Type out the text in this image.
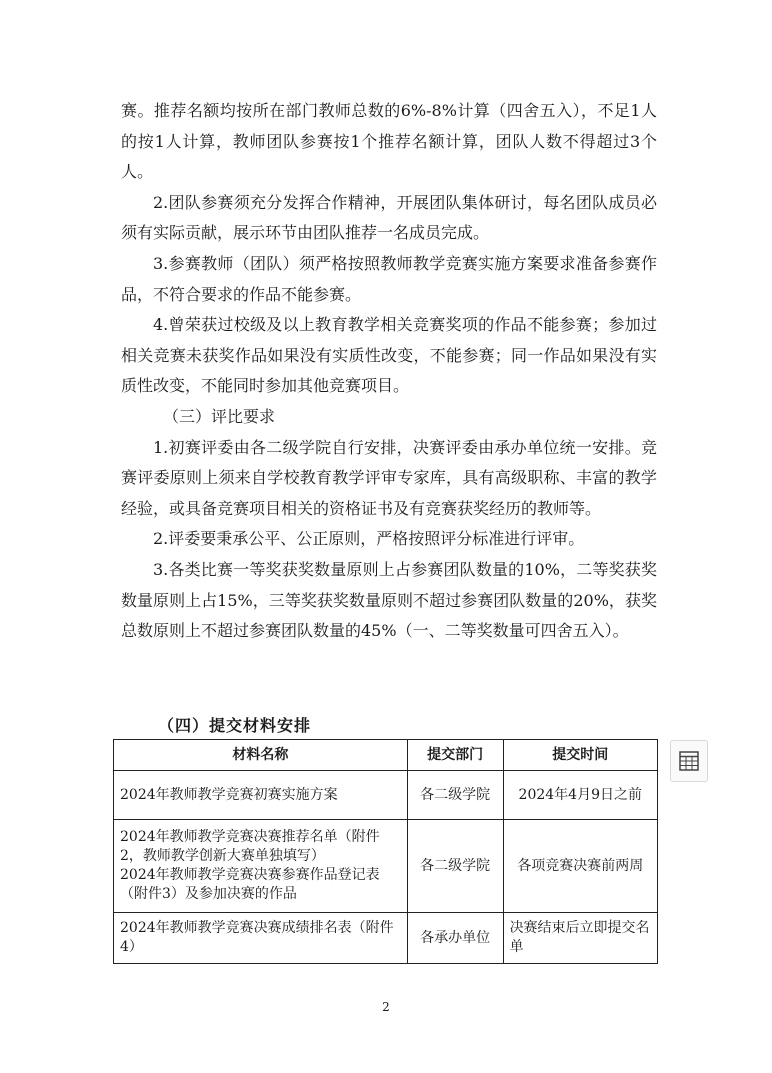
赛。推荐名额均按所在部门教师总数的6%-8%计算（四舍五入），不足1人的按1人计算，教师团队参赛按1个推荐名额计算，团队人数不得超过3个人。

2.团队参赛须充分发挥合作精神，开展团队集体研讨，每名团队成员必须有实际贡献，展示环节由团队推荐一名成员完成。

3.参赛教师（团队）须严格按照教师教学竞赛实施方案要求准备参赛作品，不符合要求的作品不能参赛。

4.曾荣获过校级及以上教育教学相关竞赛奖项的作品不能参赛；参加过相关竞赛未获奖作品如果没有实质性改变，不能参赛；同一作品如果没有实质性改变，不能同时参加其他竞赛项目。

（三）评比要求

1.初赛评委由各二级学院自行安排，决赛评委由承办单位统一安排。竞赛评委原则上须来自学校教育教学评审专家库，具有高级职称、丰富的教学经验，或具备竞赛项目相关的资格证书及有竞赛获奖经历的教师等。

2.评委要秉承公平、公正原则，严格按照评分标准进行评审。

3.各类比赛一等奖获奖数量原则上占参赛团队数量的10%，二等奖获奖数量原则上占15%，三等奖获奖数量原则不超过参赛团队数量的20%，获奖总数原则上不超过参赛团队数量的45%（一、二等奖数量可四舍五入）。

（四）提交材料安排
材料名称	提交部门	提交时间

2024年教师教学竞赛初赛实施方案	各二级学院	2024年4月9日之前

2024年教师教学竞赛决赛推荐名单（附件2，教师教学创新大赛单独填写）
2024年教师教学竞赛决赛参赛作品登记表（附件3）及参加决赛的作品	各二级学院	各项竞赛决赛前两周

2024年教师教学竞赛决赛成绩排名表（附件4）	各承办单位	决赛结束后立即提交名单
2
